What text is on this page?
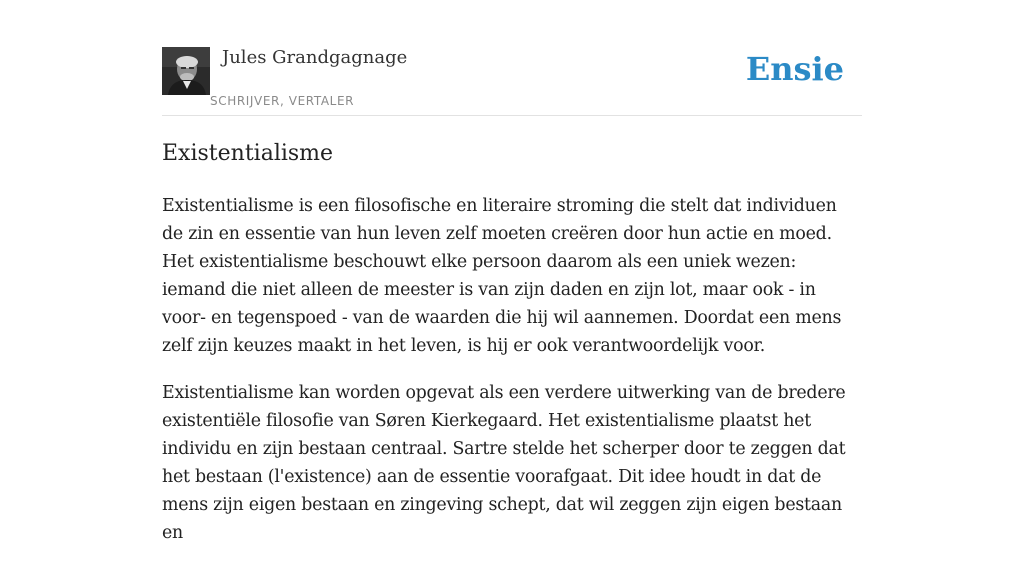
Jules Grandgagnage
SCHRIJVER, VERTALER
Ensie
Existentialisme

Existentialisme is een filosofische en literaire stroming die stelt dat individuen de zin en essentie van hun leven zelf moeten creëren door hun actie en moed. Het existentialisme beschouwt elke persoon daarom als een uniek wezen: iemand die niet alleen de meester is van zijn daden en zijn lot, maar ook - in voor- en tegenspoed - van de waarden die hij wil aannemen. Doordat een mens zelf zijn keuzes maakt in het leven, is hij er ook verantwoordelijk voor.

Existentialisme kan worden opgevat als een verdere uitwerking van de bredere existentiële filosofie van Søren Kierkegaard. Het existentialisme plaatst het individu en zijn bestaan centraal. Sartre stelde het scherper door te zeggen dat het bestaan (l'existence) aan de essentie voorafgaat. Dit idee houdt in dat de mens zijn eigen bestaan en zingeving schept, dat wil zeggen zijn eigen bestaan en
